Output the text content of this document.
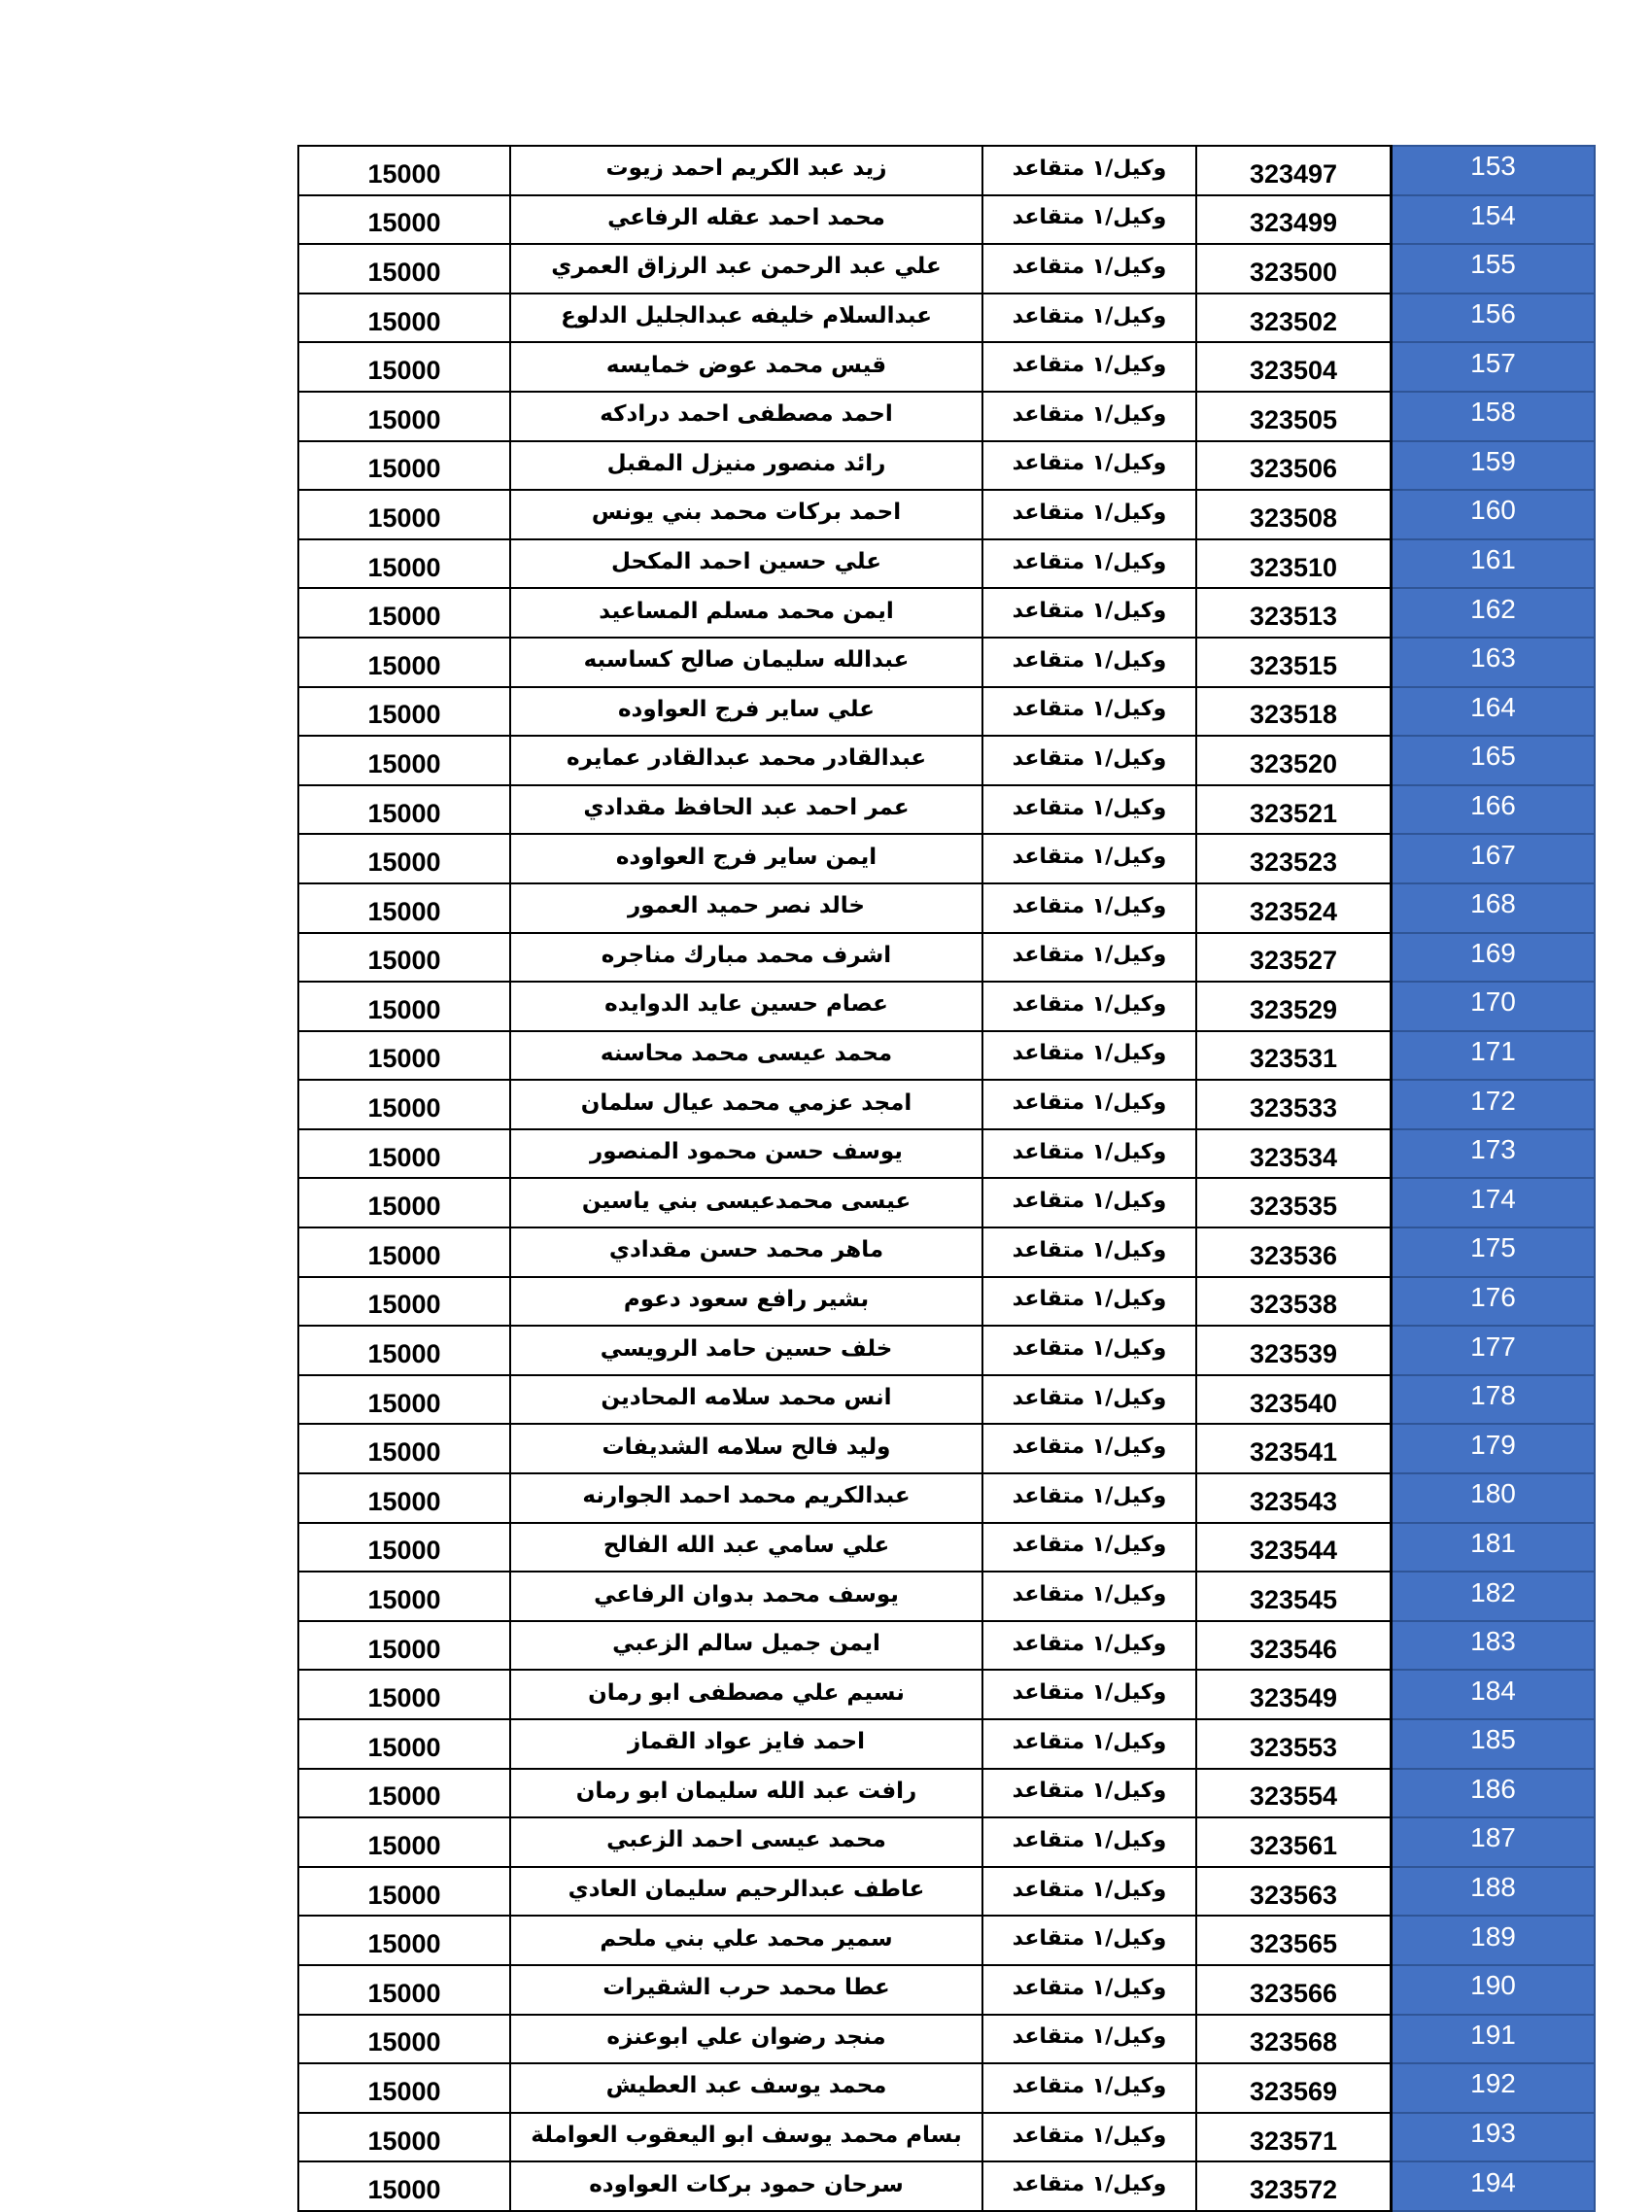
15000	زيد عبد الكريم احمد زيوت	وكيل/١ متقاعد	323497	153
15000	محمد احمد عقله الرفاعي	وكيل/١ متقاعد	323499	154
15000	علي عبد الرحمن عبد الرزاق العمري	وكيل/١ متقاعد	323500	155
15000	عبدالسلام خليفه عبدالجليل الدلوع	وكيل/١ متقاعد	323502	156
15000	قيس محمد عوض خمايسه	وكيل/١ متقاعد	323504	157
15000	احمد مصطفى احمد درادكه	وكيل/١ متقاعد	323505	158
15000	رائد منصور منيزل المقبل	وكيل/١ متقاعد	323506	159
15000	احمد بركات محمد بني يونس	وكيل/١ متقاعد	323508	160
15000	علي حسين احمد المكحل	وكيل/١ متقاعد	323510	161
15000	ايمن محمد مسلم المساعيد	وكيل/١ متقاعد	323513	162
15000	عبدالله سليمان صالح كساسبه	وكيل/١ متقاعد	323515	163
15000	علي ساير فرج العواوده	وكيل/١ متقاعد	323518	164
15000	عبدالقادر محمد عبدالقادر عمايره	وكيل/١ متقاعد	323520	165
15000	عمر احمد عبد الحافظ مقدادي	وكيل/١ متقاعد	323521	166
15000	ايمن ساير فرج العواوده	وكيل/١ متقاعد	323523	167
15000	خالد نصر حميد العمور	وكيل/١ متقاعد	323524	168
15000	اشرف محمد مبارك مناجره	وكيل/١ متقاعد	323527	169
15000	عصام حسين عايد الدوايده	وكيل/١ متقاعد	323529	170
15000	محمد عيسى محمد محاسنه	وكيل/١ متقاعد	323531	171
15000	امجد عزمي محمد عيال سلمان	وكيل/١ متقاعد	323533	172
15000	يوسف حسن محمود المنصور	وكيل/١ متقاعد	323534	173
15000	عيسى محمدعيسى بني ياسين	وكيل/١ متقاعد	323535	174
15000	ماهر محمد حسن مقدادي	وكيل/١ متقاعد	323536	175
15000	بشير رافع سعود دعوم	وكيل/١ متقاعد	323538	176
15000	خلف حسين حامد الرويسي	وكيل/١ متقاعد	323539	177
15000	انس محمد سلامه المحادين	وكيل/١ متقاعد	323540	178
15000	وليد فالح سلامه الشديفات	وكيل/١ متقاعد	323541	179
15000	عبدالكريم محمد احمد الجوارنه	وكيل/١ متقاعد	323543	180
15000	علي سامي عبد الله الفالح	وكيل/١ متقاعد	323544	181
15000	يوسف محمد بدوان الرفاعي	وكيل/١ متقاعد	323545	182
15000	ايمن جميل سالم الزعبي	وكيل/١ متقاعد	323546	183
15000	نسيم علي مصطفى ابو رمان	وكيل/١ متقاعد	323549	184
15000	احمد فايز عواد القماز	وكيل/١ متقاعد	323553	185
15000	رافت عبد الله سليمان ابو رمان	وكيل/١ متقاعد	323554	186
15000	محمد عيسى احمد الزعبي	وكيل/١ متقاعد	323561	187
15000	عاطف عبدالرحيم سليمان العادي	وكيل/١ متقاعد	323563	188
15000	سمير محمد علي بني ملحم	وكيل/١ متقاعد	323565	189
15000	عطا محمد حرب الشقيرات	وكيل/١ متقاعد	323566	190
15000	منجد رضوان علي ابوعنزه	وكيل/١ متقاعد	323568	191
15000	محمد يوسف عبد العطيش	وكيل/١ متقاعد	323569	192
15000	بسام محمد يوسف ابو اليعقوب العواملة	وكيل/١ متقاعد	323571	193
15000	سرحان حمود بركات العواوده	وكيل/١ متقاعد	323572	194
